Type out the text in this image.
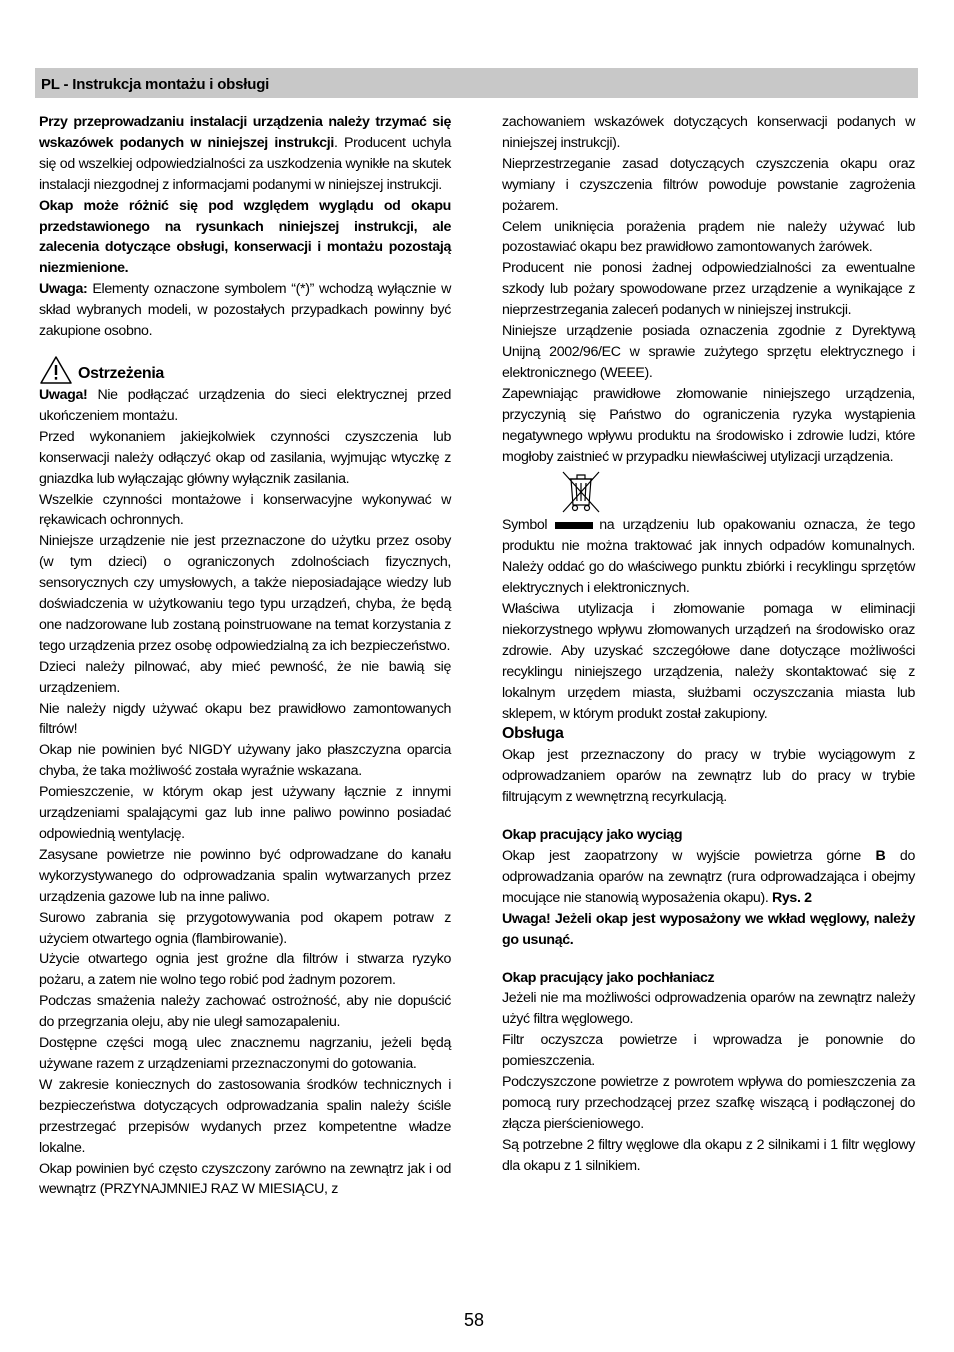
PL - Instrukcja montażu i obsługi

Przy przeprowadzaniu instalacji urządzenia należy trzymać się wskazówek podanych w niniejszej instrukcji. Producent uchyla się od wszelkiej odpowiedzialności za uszkodzenia wynikłe na skutek instalacji niezgodnej z informacjami podanymi w niniejszej instrukcji.

Okap może różnić się pod względem wyglądu od okapu przedstawionego na rysunkach niniejszej instrukcji, ale zalecenia dotyczące obsługi, konserwacji i montażu pozostają niezmienione.

Uwaga: Elementy oznaczone symbolem “(*)” wchodzą wyłącznie w skład wybranych modeli, w pozostałych przypadkach powinny być zakupione osobno.

Ostrzeżenia

Uwaga! Nie podłączać urządzenia do sieci elektrycznej przed ukończeniem montażu.

Przed wykonaniem jakiejkolwiek czynności czyszczenia lub konserwacji należy odłączyć okap od zasilania, wyjmując wtyczkę z gniazdka lub wyłączając główny wyłącznik zasilania.

Wszelkie czynności montażowe i konserwacyjne wykonywać w rękawicach ochronnych.

Niniejsze urządzenie nie jest przeznaczone do użytku przez osoby (w tym dzieci) o ograniczonych zdolnościach fizycznych, sensorycznych czy umysłowych, a także nieposiadające wiedzy lub doświadczenia w użytkowaniu tego typu urządzeń, chyba, że będą one nadzorowane lub zostaną poinstruowane na temat korzystania z tego urządzenia przez osobę odpowiedzialną za ich bezpieczeństwo.

Dzieci należy pilnować, aby mieć pewność, że nie bawią się urządzeniem.

Nie należy nigdy używać okapu bez prawidłowo zamontowanych filtrów!

Okap nie powinien być NIGDY używany jako płaszczyzna oparcia chyba, że taka możliwość została wyraźnie wskazana.

Pomieszczenie, w którym okap jest używany łącznie z innymi urządzeniami spalającymi gaz lub inne paliwo powinno posiadać odpowiednią wentylację.

Zasysane powietrze nie powinno być odprowadzane do kanału wykorzystywanego do odprowadzania spalin wytwarzanych przez urządzenia gazowe lub na inne paliwo.

Surowo zabrania się przygotowywania pod okapem potraw z użyciem otwartego ognia (flambirowanie).

Użycie otwartego ognia jest groźne dla filtrów i stwarza ryzyko pożaru, a zatem nie wolno tego robić pod żadnym pozorem.

Podczas smażenia należy zachować ostrożność, aby nie dopuścić do przegrzania oleju, aby nie uległ samozapaleniu.

Dostępne części mogą ulec znacznemu nagrzaniu, jeżeli będą używane razem z urządzeniami przeznaczonymi do gotowania.

W zakresie koniecznych do zastosowania środków technicznych i bezpieczeństwa dotyczących odprowadzania spalin należy ściśle przestrzegać przepisów wydanych przez kompetentne władze lokalne.

Okap powinien być często czyszczony zarówno na zewnątrz jak i od wewnątrz (PRZYNAJMNIEJ RAZ W MIESIĄCU, z

zachowaniem wskazówek dotyczących konserwacji podanych w niniejszej instrukcji).

Nieprzestrzeganie zasad dotyczących czyszczenia okapu oraz wymiany i czyszczenia filtrów powoduje powstanie zagrożenia pożarem.

Celem uniknięcia porażenia prądem nie należy używać lub pozostawiać okapu bez prawidłowo zamontowanych żarówek.

Producent nie ponosi żadnej odpowiedzialności za ewentualne szkody lub pożary spowodowane przez urządzenie a wynikające z nieprzestrzegania zaleceń podanych w niniejszej instrukcji.

Niniejsze urządzenie posiada oznaczenia zgodnie z Dyrektywą Unijną 2002/96/EC w sprawie zużytego sprzętu elektrycznego i elektronicznego (WEEE).

Zapewniając prawidłowe złomowanie niniejszego urządzenia, przyczynią się Państwo do ograniczenia ryzyka wystąpienia negatywnego wpływu produktu na środowisko i zdrowie ludzi, które mogłoby zaistnieć w przypadku niewłaściwej utylizacji urządzenia.

Symbol	na urządzeniu lub opakowaniu oznacza, że tego produktu nie można traktować jak innych odpadów komunalnych. Należy oddać go do właściwego punktu zbiórki i recyklingu sprzętów elektrycznych i elektronicznych.

Właściwa utylizacja i złomowanie pomaga w eliminacji niekorzystnego wpływu złomowanych urządzeń na środowisko oraz zdrowie. Aby uzyskać szczegółowe dane dotyczące możliwości recyklingu niniejszego urządzenia, należy skontaktować się z lokalnym urzędem miasta, służbami oczyszczania miasta lub sklepem, w którym produkt został zakupiony.

Obsługa

Okap jest przeznaczony do pracy w trybie wyciągowym z odprowadzaniem oparów na zewnątrz lub do pracy w trybie filtrującym z wewnętrzną recyrkulacją.

Okap pracujący jako wyciąg

Okap jest zaopatrzony w wyjście powietrza górne B do odprowadzania oparów na zewnątrz (rura odprowadzająca i obejmy mocujące nie stanowią wyposażenia okapu). Rys. 2

Uwaga! Jeżeli okap jest wyposażony we wkład węglowy, należy go usunąć.

Okap pracujący jako pochłaniacz

Jeżeli nie ma możliwości odprowadzenia oparów na zewnątrz należy użyć filtra węglowego.

Filtr oczyszcza powietrze i wprowadza je ponownie do pomieszczenia.

Podczyszczone powietrze z powrotem wpływa do pomieszczenia za pomocą rury przechodzącej przez szafkę wiszącą i podłączonej do złącza pierścieniowego.

Są potrzebne 2 filtry węglowe dla okapu z 2 silnikami i 1 filtr węglowy dla okapu z 1 silnikiem.

58
